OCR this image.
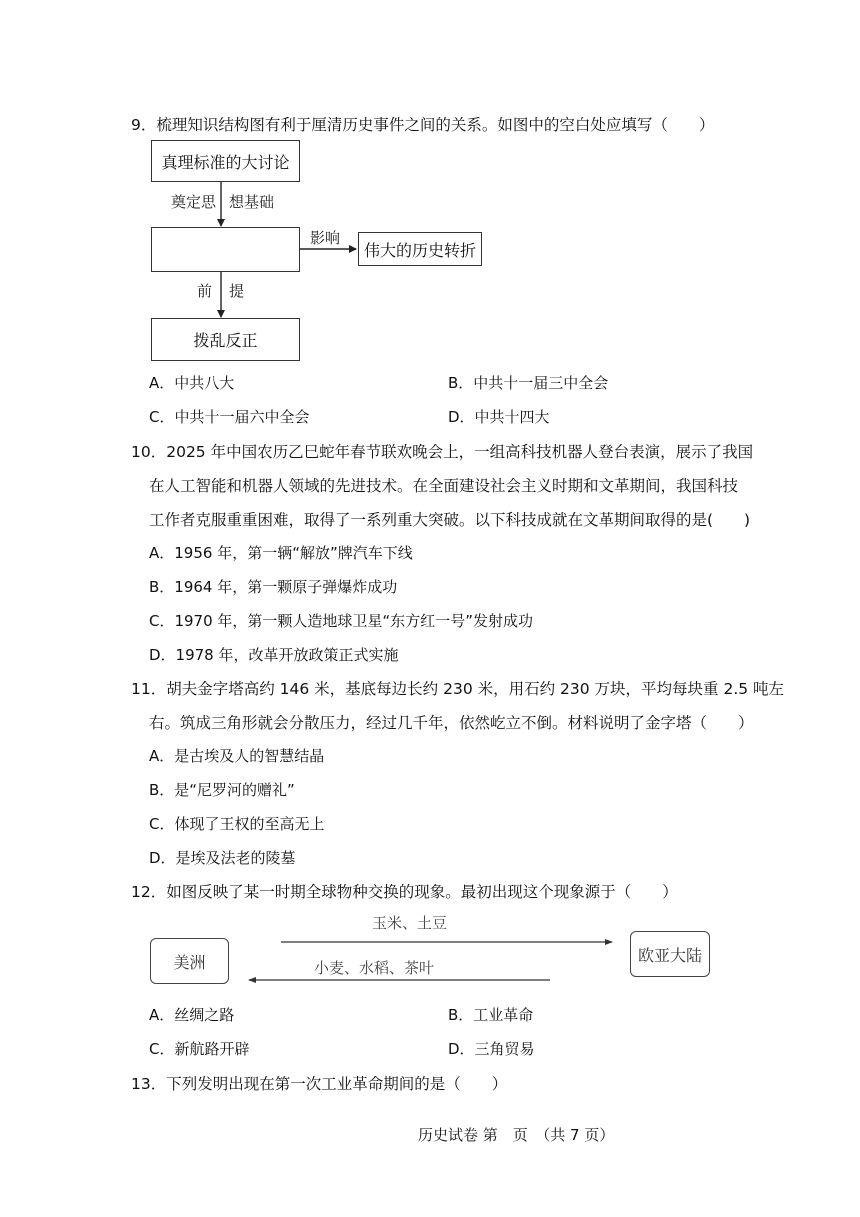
9．梳理知识结构图有利于厘清历史事件之间的关系。如图中的空白处应填写（　　）
真理标准的大讨论
奠定思 想基础
影响
伟大的历史转折
前 提
拨乱反正
A．中共八大	B．中共十一届三中全会
C．中共十一届六中全会	D．中共十四大
10．2025 年中国农历乙巳蛇年春节联欢晚会上，一组高科技机器人登台表演，展示了我国
在人工智能和机器人领域的先进技术。在全面建设社会主义时期和文革期间，我国科技
工作者克服重重困难，取得了一系列重大突破。以下科技成就在文革期间取得的是(　　)
A．1956 年，第一辆“解放”牌汽车下线
B．1964 年，第一颗原子弹爆炸成功
C．1970 年，第一颗人造地球卫星“东方红一号”发射成功
D．1978 年，改革开放政策正式实施
11．胡夫金字塔高约 146 米，基底每边长约 230 米，用石约 230 万块，平均每块重 2.5 吨左
右。筑成三角形就会分散压力，经过几千年，依然屹立不倒。材料说明了金字塔（　　）
A．是古埃及人的智慧结晶
B．是“尼罗河的赠礼”
C．体现了王权的至高无上
D．是埃及法老的陵墓
12．如图反映了某一时期全球物种交换的现象。最初出现这个现象源于（　　）
美洲
玉米、土豆
小麦、水稻、茶叶
欧亚大陆
A．丝绸之路	B．工业革命
C．新航路开辟	D．三角贸易
13．下列发明出现在第一次工业革命期间的是（　　）
历史试卷 第　页　（共 7 页）
